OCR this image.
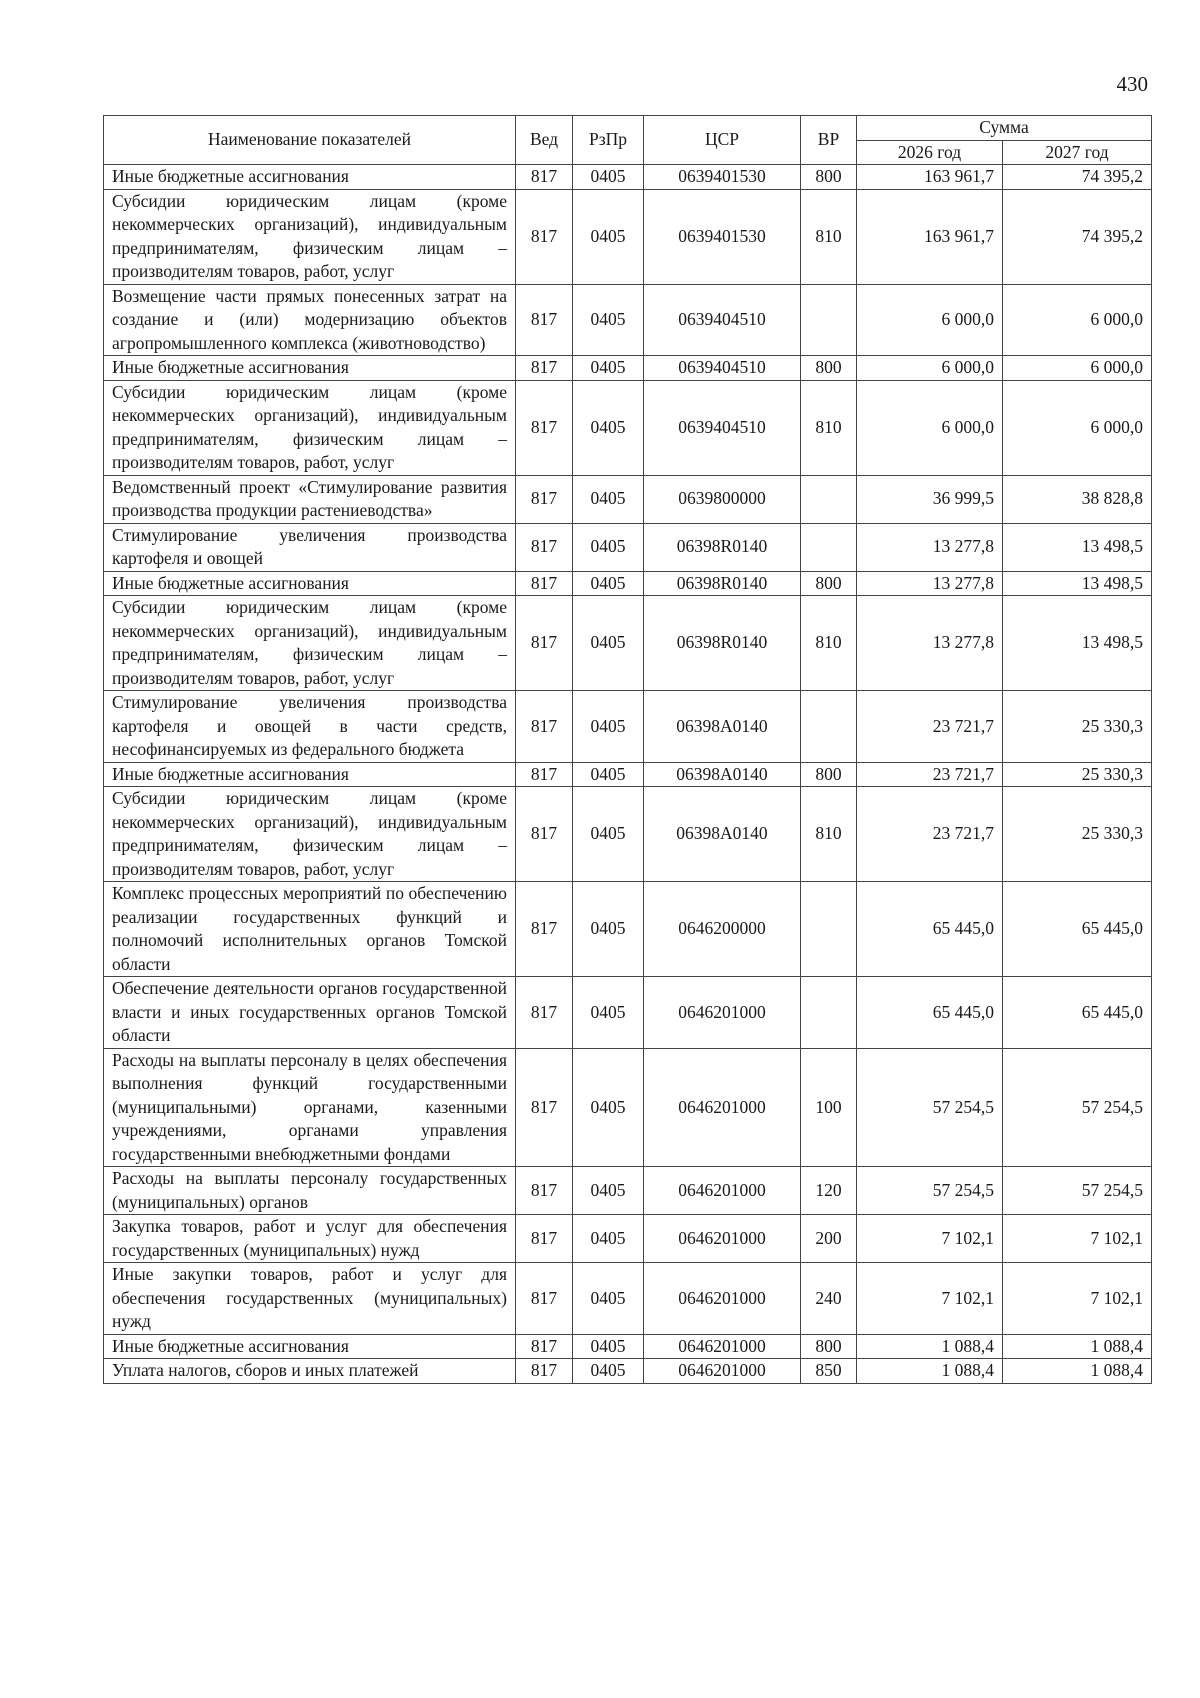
430
Наименование показателей	Вед	РзПр	ЦСР	ВР	Сумма	
					2026 год	2027 год
Иные бюджетные ассигнования	817	0405	0639401530	800	163 961,7	74 395,2
Субсидии юридическим лицам (кроме некоммерческих организаций), индивидуальным предпринимателям, физическим лицам – производителям товаров, работ, услуг	817	0405	0639401530	810	163 961,7	74 395,2
Возмещение части прямых понесенных затрат на создание и (или) модернизацию объектов агропромышленного комплекса (животноводство)	817	0405	0639404510		6 000,0	6 000,0
Иные бюджетные ассигнования	817	0405	0639404510	800	6 000,0	6 000,0
Субсидии юридическим лицам (кроме некоммерческих организаций), индивидуальным предпринимателям, физическим лицам – производителям товаров, работ, услуг	817	0405	0639404510	810	6 000,0	6 000,0
Ведомственный проект «Стимулирование развития производства продукции растениеводства»	817	0405	0639800000		36 999,5	38 828,8
Стимулирование увеличения производства картофеля и овощей	817	0405	06398R0140		13 277,8	13 498,5
Иные бюджетные ассигнования	817	0405	06398R0140	800	13 277,8	13 498,5
Субсидии юридическим лицам (кроме некоммерческих организаций), индивидуальным предпринимателям, физическим лицам – производителям товаров, работ, услуг	817	0405	06398R0140	810	13 277,8	13 498,5
Стимулирование увеличения производства картофеля и овощей в части средств, несофинансируемых из федерального бюджета	817	0405	06398A0140		23 721,7	25 330,3
Иные бюджетные ассигнования	817	0405	06398A0140	800	23 721,7	25 330,3
Субсидии юридическим лицам (кроме некоммерческих организаций), индивидуальным предпринимателям, физическим лицам – производителям товаров, работ, услуг	817	0405	06398A0140	810	23 721,7	25 330,3
Комплекс процессных мероприятий по обеспечению реализации государственных функций и полномочий исполнительных органов Томской области	817	0405	0646200000		65 445,0	65 445,0
Обеспечение деятельности органов государственной власти и иных государственных органов Томской области	817	0405	0646201000		65 445,0	65 445,0
Расходы на выплаты персоналу в целях обеспечения выполнения функций государственными (муниципальными) органами, казенными учреждениями, органами управления государственными внебюджетными фондами	817	0405	0646201000	100	57 254,5	57 254,5
Расходы на выплаты персоналу государственных (муниципальных) органов	817	0405	0646201000	120	57 254,5	57 254,5
Закупка товаров, работ и услуг для обеспечения государственных (муниципальных) нужд	817	0405	0646201000	200	7 102,1	7 102,1
Иные закупки товаров, работ и услуг для обеспечения государственных (муниципальных) нужд	817	0405	0646201000	240	7 102,1	7 102,1
Иные бюджетные ассигнования	817	0405	0646201000	800	1 088,4	1 088,4
Уплата налогов, сборов и иных платежей	817	0405	0646201000	850	1 088,4	1 088,4
